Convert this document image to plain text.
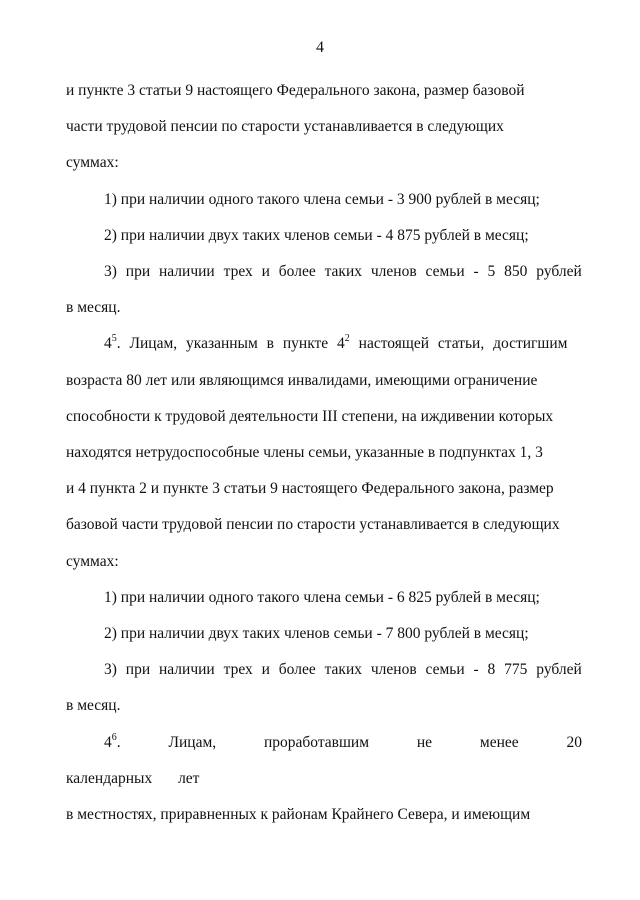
4

и пункте 3 статьи 9 настоящего Федерального закона, размер базовой

части трудовой пенсии по старости устанавливается в следующих

суммах:

1) при наличии одного такого члена семьи - 3 900 рублей в месяц;

2) при наличии двух таких членов семьи - 4 875 рублей в месяц;

3) при наличии трех и более таких членов семьи - 5 850 рублей

в месяц.

$4^5$. Лицам, указанным в пункте $4^2$ настоящей статьи, достигшим

возраста 80 лет или являющимся инвалидами, имеющими ограничение

способности к трудовой деятельности III степени, на иждивении которых

находятся нетрудоспособные члены семьи, указанные в подпунктах 1, 3

и 4 пункта 2 и пункте 3 статьи 9 настоящего Федерального закона, размер

базовой части трудовой пенсии по старости устанавливается в следующих

суммах:

1) при наличии одного такого члена семьи - 6 825 рублей в месяц;

2) при наличии двух таких членов семьи - 7 800 рублей в месяц;

3) при наличии трех и более таких членов семьи - 8 775 рублей

в месяц.

$4^6$. Лицам, проработавшим не менее 20 календарных лет

в местностях, приравненных к районам Крайнего Севера, и имеющим
